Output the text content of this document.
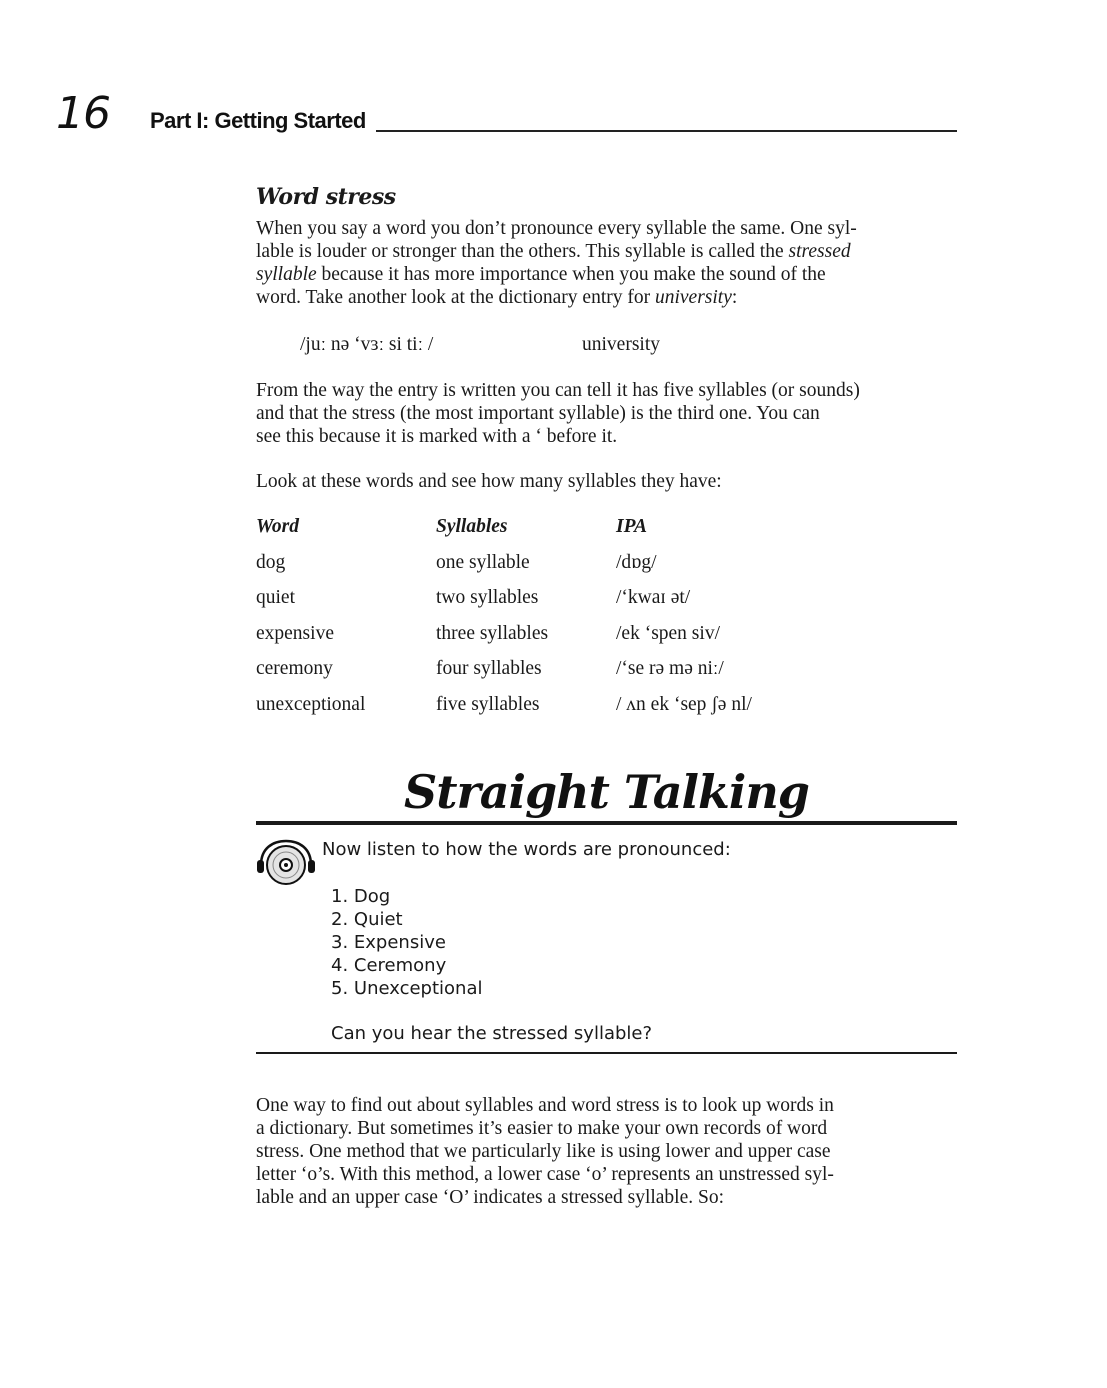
16 Part I: Getting Started
Word stress
When you say a word you don’t pronounce every syllable the same. One syl-
lable is louder or stronger than the others. This syllable is called the stressed
syllable because it has more importance when you make the sound of the
word. Take another look at the dictionary entry for university:
/juː nə ‘vɜː si tiː /	university
From the way the entry is written you can tell it has five syllables (or sounds)
and that the stress (the most important syllable) is the third one. You can
see this because it is marked with a ‘ before it.
Look at these words and see how many syllables they have:
Word	Syllables	IPA
dog	one syllable	/dɒg/
quiet	two syllables	/‘kwaɪ ət/
expensive	three syllables	/ek ‘spen siv/
ceremony	four syllables	/‘se rə mə niː/
unexceptional	five syllables	/ ʌn ek ‘sep ʃə nl/
Straight Talking
Now listen to how the words are pronounced:
1. Dog
2. Quiet
3. Expensive
4. Ceremony
5. Unexceptional
Can you hear the stressed syllable?
One way to find out about syllables and word stress is to look up words in
a dictionary. But sometimes it’s easier to make your own records of word
stress. One method that we particularly like is using lower and upper case
letter ‘o’s. With this method, a lower case ‘o’ represents an unstressed syl-
lable and an upper case ‘O’ indicates a stressed syllable. So:
